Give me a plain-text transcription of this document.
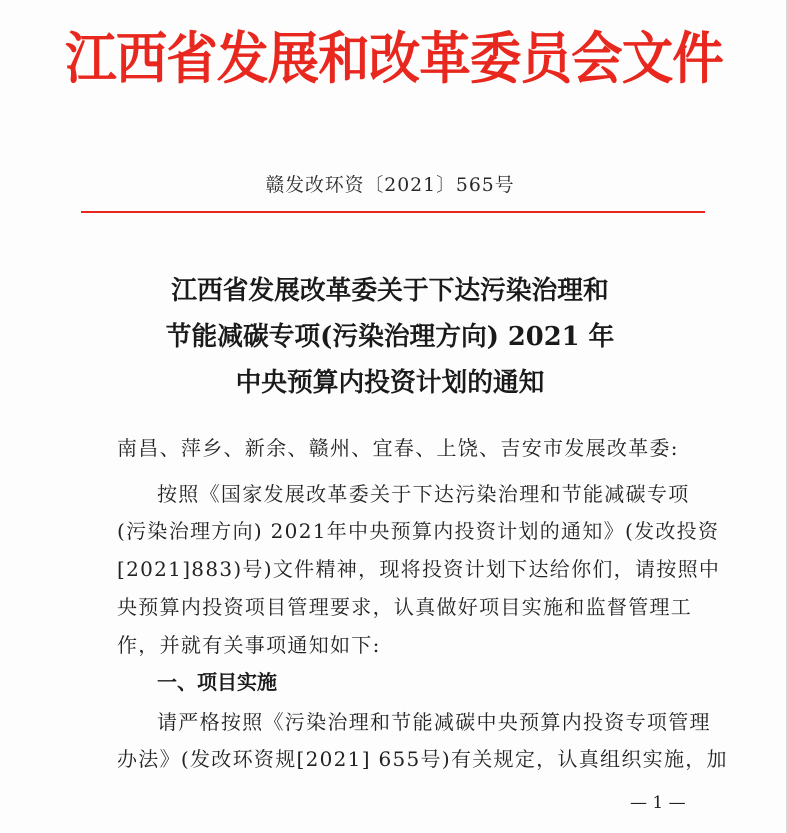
江西省发展和改革委员会文件
赣发改环资〔2021〕565号
江西省发展改革委关于下达污染治理和
节能减碳专项(污染治理方向) 2021 年
中央预算内投资计划的通知
南昌、萍乡、新余、赣州、宜春、上饶、吉安市发展改革委:
按照《国家发展改革委关于下达污染治理和节能减碳专项
(污染治理方向) 2021年中央预算内投资计划的通知》(发改投资
[2021]883)号)文件精神，现将投资计划下达给你们，请按照中
央预算内投资项目管理要求，认真做好项目实施和监督管理工
作，并就有关事项通知如下:
一、项目实施
请严格按照《污染治理和节能减碳中央预算内投资专项管理
办法》(发改环资规[2021] 655号)有关规定，认真组织实施，加
— 1 —
